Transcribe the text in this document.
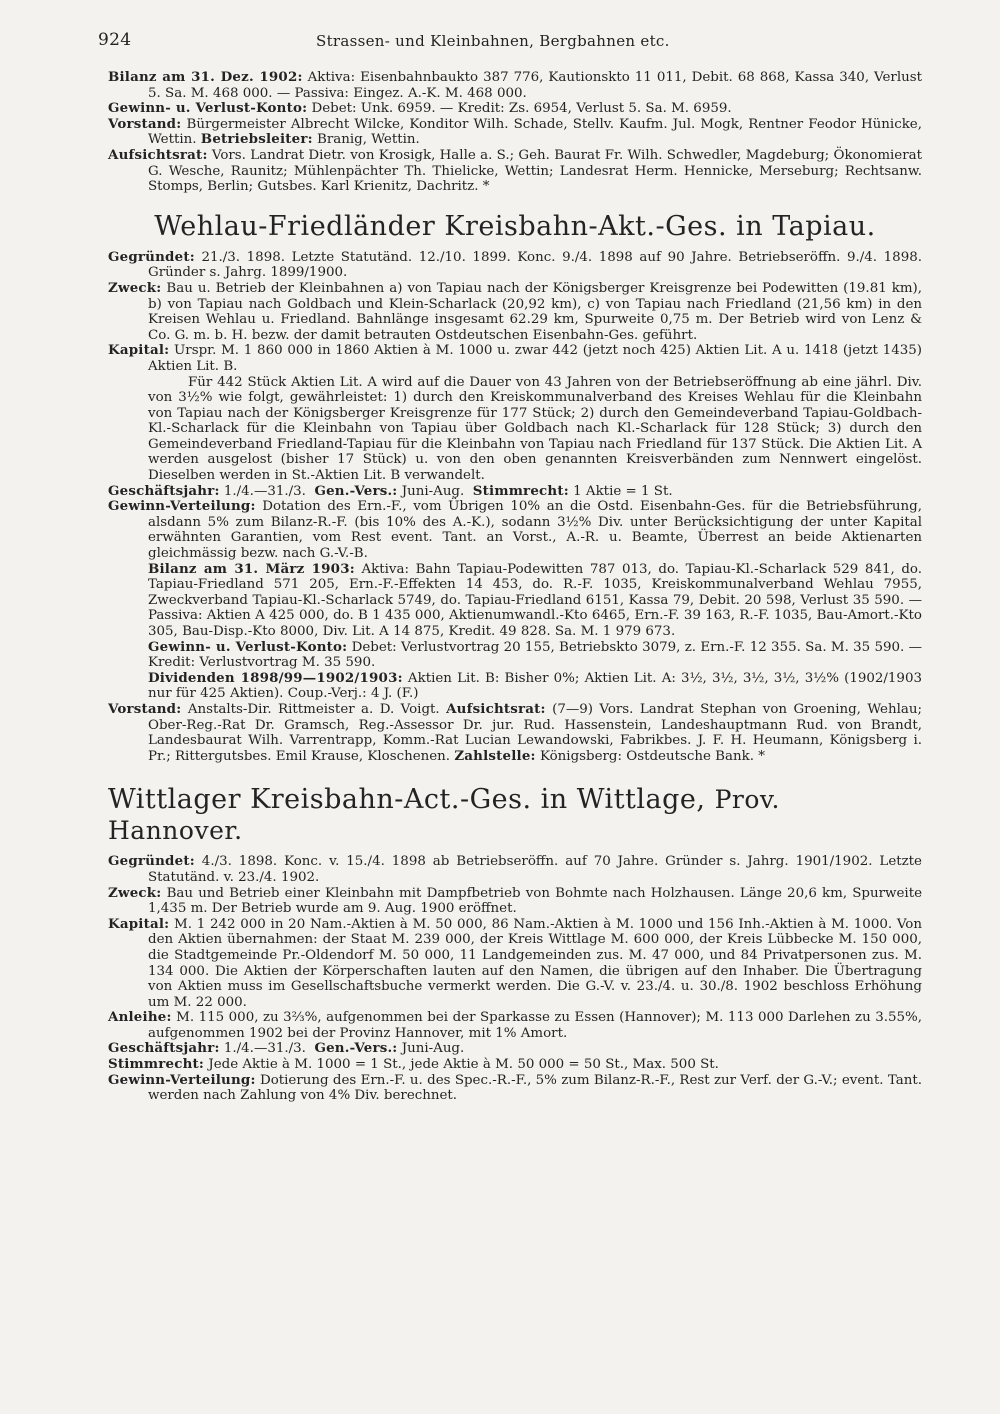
924	Strassen- und Kleinbahnen, Bergbahnen etc.

Bilanz am 31. Dez. 1902: Aktiva: Eisenbahnbaukto 387 776, Kautionskto 11 011, Debit. 68 868, Kassa 340, Verlust 5. Sa. M. 468 000. — Passiva: Eingez. A.-K. M. 468 000.

Gewinn- u. Verlust-Konto: Debet: Unk. 6959. — Kredit: Zs. 6954, Verlust 5. Sa. M. 6959.

Vorstand: Bürgermeister Albrecht Wilcke, Konditor Wilh. Schade, Stellv. Kaufm. Jul. Mogk, Rentner Feodor Hünicke, Wettin. Betriebsleiter: Branig, Wettin.

Aufsichtsrat: Vors. Landrat Dietr. von Krosigk, Halle a. S.; Geh. Baurat Fr. Wilh. Schwedler, Magdeburg; Ökonomierat G. Wesche, Raunitz; Mühlenpächter Th. Thielicke, Wettin; Landesrat Herm. Hennicke, Merseburg; Rechtsanw. Stomps, Berlin; Gutsbes. Karl Krienitz, Dachritz. *

Wehlau-Friedländer Kreisbahn-Akt.-Ges. in Tapiau.

Gegründet: 21./3. 1898. Letzte Statutänd. 12./10. 1899. Konc. 9./4. 1898 auf 90 Jahre. Betriebseröffn. 9./4. 1898. Gründer s. Jahrg. 1899/1900.

Zweck: Bau u. Betrieb der Kleinbahnen a) von Tapiau nach der Königsberger Kreisgrenze bei Podewitten (19.81 km), b) von Tapiau nach Goldbach und Klein-Scharlack (20,92 km), c) von Tapiau nach Friedland (21,56 km) in den Kreisen Wehlau u. Friedland. Bahnlänge insgesamt 62.29 km, Spurweite 0,75 m. Der Betrieb wird von Lenz & Co. G. m. b. H. bezw. der damit betrauten Ostdeutschen Eisenbahn-Ges. geführt.

Kapital: Urspr. M. 1 860 000 in 1860 Aktien à M. 1000 u. zwar 442 (jetzt noch 425) Aktien Lit. A u. 1418 (jetzt 1435) Aktien Lit. B.

Für 442 Stück Aktien Lit. A wird auf die Dauer von 43 Jahren von der Betriebseröffnung ab eine jährl. Div. von 3½% wie folgt, gewährleistet: 1) durch den Kreiskommunalverband des Kreises Wehlau für die Kleinbahn von Tapiau nach der Königsberger Kreisgrenze für 177 Stück; 2) durch den Gemeindeverband Tapiau-Goldbach-Kl.-Scharlack für die Kleinbahn von Tapiau über Goldbach nach Kl.-Scharlack für 128 Stück; 3) durch den Gemeindeverband Friedland-Tapiau für die Kleinbahn von Tapiau nach Friedland für 137 Stück. Die Aktien Lit. A werden ausgelost (bisher 17 Stück) u. von den oben genannten Kreisverbänden zum Nennwert eingelöst. Dieselben werden in St.-Aktien Lit. B verwandelt.

Geschäftsjahr: 1./4.—31./3. Gen.-Vers.: Juni-Aug. Stimmrecht: 1 Aktie = 1 St.

Gewinn-Verteilung: Dotation des Ern.-F., vom Übrigen 10% an die Ostd. Eisenbahn-Ges. für die Betriebsführung, alsdann 5% zum Bilanz-R.-F. (bis 10% des A.-K.), sodann 3½% Div. unter Berücksichtigung der unter Kapital erwähnten Garantien, vom Rest event. Tant. an Vorst., A.-R. u. Beamte, Überrest an beide Aktienarten gleichmässig bezw. nach G.-V.-B.

Bilanz am 31. März 1903: Aktiva: Bahn Tapiau-Podewitten 787 013, do. Tapiau-Kl.-Scharlack 529 841, do. Tapiau-Friedland 571 205, Ern.-F.-Effekten 14 453, do. R.-F. 1035, Kreiskommunalverband Wehlau 7955, Zweckverband Tapiau-Kl.-Scharlack 5749, do. Tapiau-Friedland 6151, Kassa 79, Debit. 20 598, Verlust 35 590. — Passiva: Aktien A 425 000, do. B 1 435 000, Aktienumwandl.-Kto 6465, Ern.-F. 39 163, R.-F. 1035, Bau-Amort.-Kto 305, Bau-Disp.-Kto 8000, Div. Lit. A 14 875, Kredit. 49 828. Sa. M. 1 979 673.

Gewinn- u. Verlust-Konto: Debet: Verlustvortrag 20 155, Betriebskto 3079, z. Ern.-F. 12 355. Sa. M. 35 590. — Kredit: Verlustvortrag M. 35 590.

Dividenden 1898/99—1902/1903: Aktien Lit. B: Bisher 0%; Aktien Lit. A: 3½, 3½, 3½, 3½, 3½% (1902/1903 nur für 425 Aktien). Coup.-Verj.: 4 J. (F.)

Vorstand: Anstalts-Dir. Rittmeister a. D. Voigt. Aufsichtsrat: (7—9) Vors. Landrat Stephan von Groening, Wehlau; Ober-Reg.-Rat Dr. Gramsch, Reg.-Assessor Dr. jur. Rud. Hassenstein, Landeshauptmann Rud. von Brandt, Landesbaurat Wilh. Varrentrapp, Komm.-Rat Lucian Lewandowski, Fabrikbes. J. F. H. Heumann, Königsberg i. Pr.; Rittergutsbes. Emil Krause, Kloschenen. Zahlstelle: Königsberg: Ostdeutsche Bank. *

Wittlager Kreisbahn-Act.-Ges. in Wittlage, Prov. Hannover.

Gegründet: 4./3. 1898. Konc. v. 15./4. 1898 ab Betriebseröffn. auf 70 Jahre. Gründer s. Jahrg. 1901/1902. Letzte Statutänd. v. 23./4. 1902.

Zweck: Bau und Betrieb einer Kleinbahn mit Dampfbetrieb von Bohmte nach Holzhausen. Länge 20,6 km, Spurweite 1,435 m. Der Betrieb wurde am 9. Aug. 1900 eröffnet.

Kapital: M. 1 242 000 in 20 Nam.-Aktien à M. 50 000, 86 Nam.-Aktien à M. 1000 und 156 Inh.-Aktien à M. 1000. Von den Aktien übernahmen: der Staat M. 239 000, der Kreis Wittlage M. 600 000, der Kreis Lübbecke M. 150 000, die Stadtgemeinde Pr.-Oldendorf M. 50 000, 11 Landgemeinden zus. M. 47 000, und 84 Privatpersonen zus. M. 134 000. Die Aktien der Körperschaften lauten auf den Namen, die übrigen auf den Inhaber. Die Übertragung von Aktien muss im Gesellschaftsbuche vermerkt werden. Die G.-V. v. 23./4. u. 30./8. 1902 beschloss Erhöhung um M. 22 000.

Anleihe: M. 115 000, zu 3⅔%, aufgenommen bei der Sparkasse zu Essen (Hannover); M. 113 000 Darlehen zu 3.55%, aufgenommen 1902 bei der Provinz Hannover, mit 1% Amort.

Geschäftsjahr: 1./4.—31./3. Gen.-Vers.: Juni-Aug.

Stimmrecht: Jede Aktie à M. 1000 = 1 St., jede Aktie à M. 50 000 = 50 St., Max. 500 St.

Gewinn-Verteilung: Dotierung des Ern.-F. u. des Spec.-R.-F., 5% zum Bilanz-R.-F., Rest zur Verf. der G.-V.; event. Tant. werden nach Zahlung von 4% Div. berechnet.
